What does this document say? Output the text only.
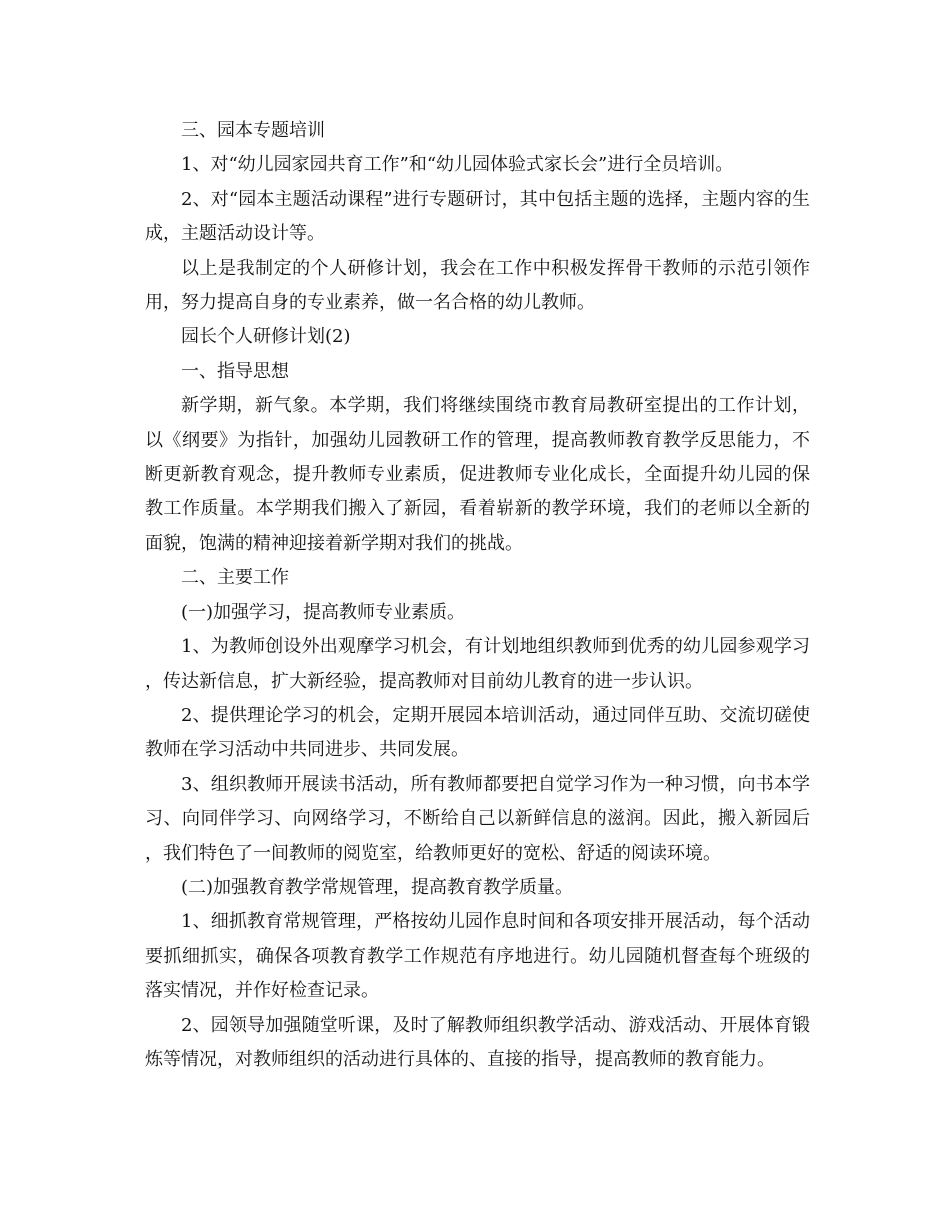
三、园本专题培训

1、对“幼儿园家园共育工作”和“幼儿园体验式家长会”进行全员培训。

2、对“园本主题活动课程”进行专题研讨，其中包括主题的选择，主题内容的生成，主题活动设计等。

以上是我制定的个人研修计划，我会在工作中积极发挥骨干教师的示范引领作用，努力提高自身的专业素养，做一名合格的幼儿教师。

园长个人研修计划(2)

一、指导思想

新学期，新气象。本学期，我们将继续围绕市教育局教研室提出的工作计划，以《纲要》为指针，加强幼儿园教研工作的管理，提高教师教育教学反思能力，不断更新教育观念，提升教师专业素质，促进教师专业化成长，全面提升幼儿园的保教工作质量。本学期我们搬入了新园，看着崭新的教学环境，我们的老师以全新的面貌，饱满的精神迎接着新学期对我们的挑战。

二、主要工作

(一)加强学习，提高教师专业素质。

1、为教师创设外出观摩学习机会，有计划地组织教师到优秀的幼儿园参观学习，传达新信息，扩大新经验，提高教师对目前幼儿教育的进一步认识。

2、提供理论学习的机会，定期开展园本培训活动，通过同伴互助、交流切磋使教师在学习活动中共同进步、共同发展。

3、组织教师开展读书活动，所有教师都要把自觉学习作为一种习惯，向书本学习、向同伴学习、向网络学习，不断给自己以新鲜信息的滋润。因此，搬入新园后，我们特色了一间教师的阅览室，给教师更好的宽松、舒适的阅读环境。

(二)加强教育教学常规管理，提高教育教学质量。

1、细抓教育常规管理，严格按幼儿园作息时间和各项安排开展活动，每个活动要抓细抓实，确保各项教育教学工作规范有序地进行。幼儿园随机督查每个班级的落实情况，并作好检查记录。

2、园领导加强随堂听课，及时了解教师组织教学活动、游戏活动、开展体育锻炼等情况，对教师组织的活动进行具体的、直接的指导，提高教师的教育能力。
